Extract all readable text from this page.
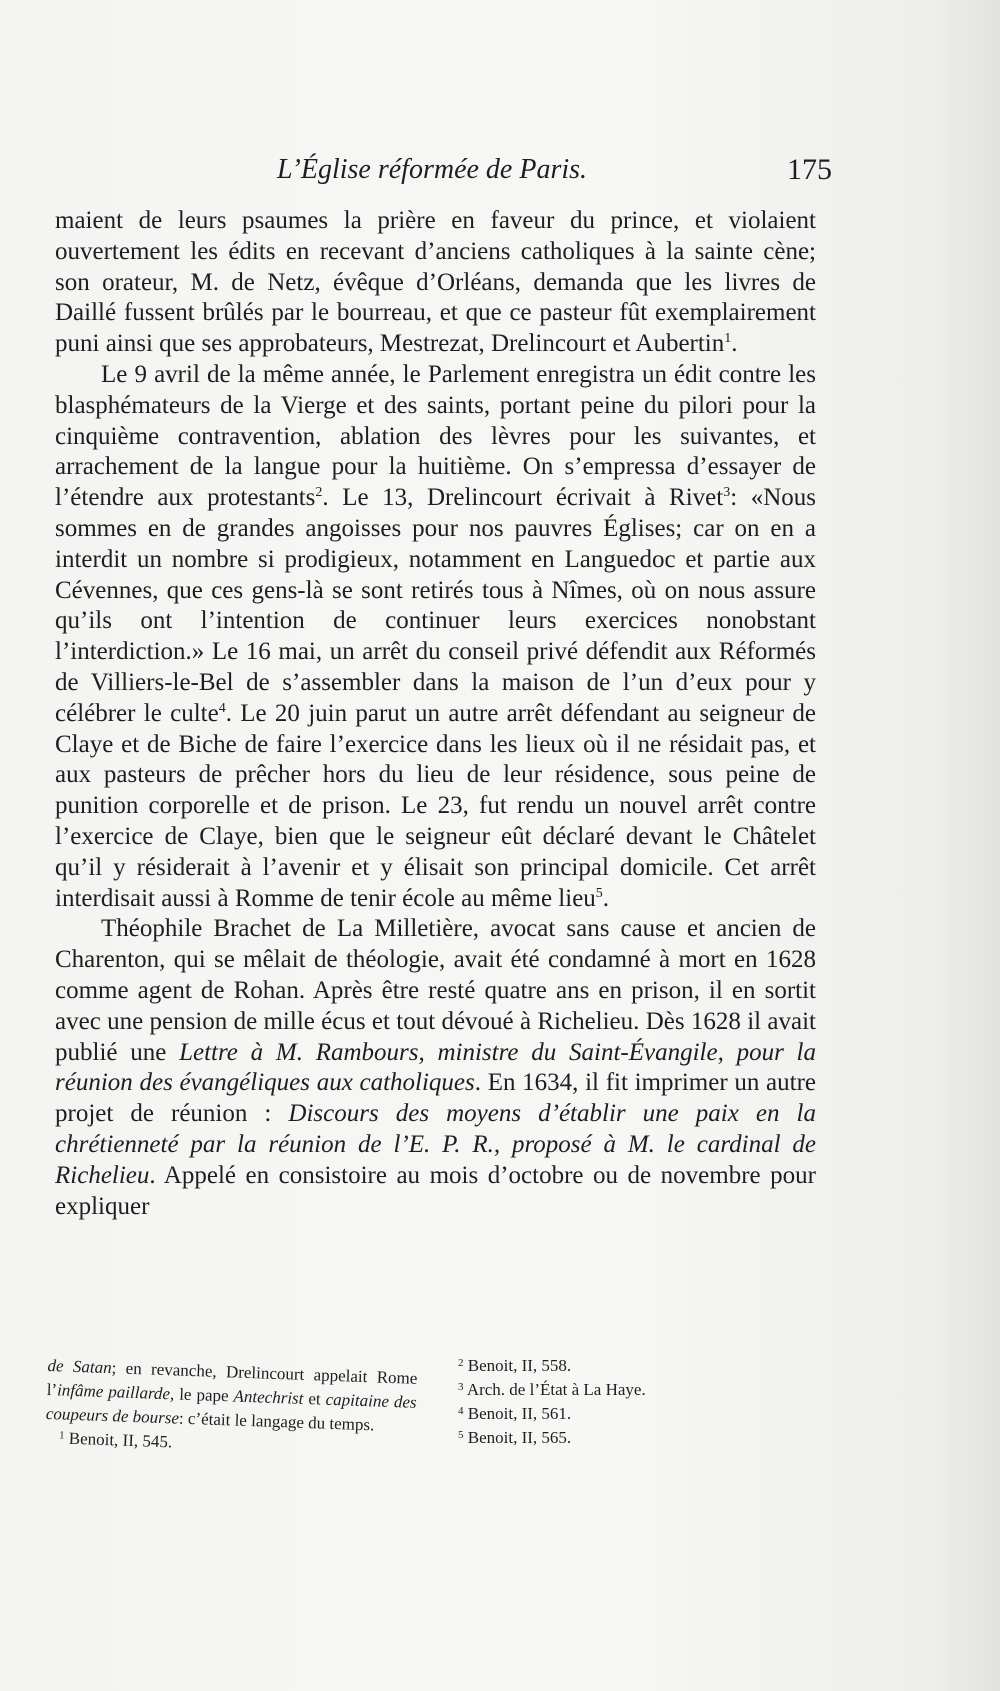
L’Église réformée de Paris.	175

maient de leurs psaumes la prière en faveur du prince, et violaient ouvertement les édits en recevant d’anciens catholiques à la sainte cène; son orateur, M. de Netz, évêque d’Orléans, demanda que les livres de Daillé fussent brûlés par le bourreau, et que ce pasteur fût exemplairement puni ainsi que ses approbateurs, Mestrezat, Drelincourt et Aubertin$^1$.

Le 9 avril de la même année, le Parlement enregistra un édit contre les blasphémateurs de la Vierge et des saints, portant peine du pilori pour la cinquième contravention, ablation des lèvres pour les suivantes, et arrachement de la langue pour la huitième. On s’empressa d’essayer de l’étendre aux protestants$^2$. Le 13, Drelincourt écrivait à Rivet$^3$: «Nous sommes en de grandes angoisses pour nos pauvres Églises; car on en a interdit un nombre si prodigieux, notamment en Languedoc et partie aux Cévennes, que ces gens-là se sont retirés tous à Nîmes, où on nous assure qu’ils ont l’intention de continuer leurs exercices nonobstant l’interdiction.» Le 16 mai, un arrêt du conseil privé défendit aux Réformés de Villiers-le-Bel de s’assembler dans la maison de l’un d’eux pour y célébrer le culte$^4$. Le 20 juin parut un autre arrêt défendant au seigneur de Claye et de Biche de faire l’exercice dans les lieux où il ne résidait pas, et aux pasteurs de prêcher hors du lieu de leur résidence, sous peine de punition corporelle et de prison. Le 23, fut rendu un nouvel arrêt contre l’exercice de Claye, bien que le seigneur eût déclaré devant le Châtelet qu’il y résiderait à l’avenir et y élisait son principal domicile. Cet arrêt interdisait aussi à Romme de tenir école au même lieu$^5$.

Théophile Brachet de La Milletière, avocat sans cause et ancien de Charenton, qui se mêlait de théologie, avait été condamné à mort en 1628 comme agent de Rohan. Après être resté quatre ans en prison, il en sortit avec une pension de mille écus et tout dévoué à Richelieu. Dès 1628 il avait publié une Lettre à M. Rambours, ministre du Saint-Évangile, pour la réunion des évangéliques aux catholiques. En 1634, il fit imprimer un autre projet de réunion : Discours des moyens d’établir une paix en la chrétienneté par la réunion de l’E. P. R., proposé à M. le cardinal de Richelieu. Appelé en consistoire au mois d’octobre ou de novembre pour expliquer

de Satan; en revanche, Drelincourt appelait Rome l’infâme paillarde, le pape Antechrist et capitaine des coupeurs de bourse: c’était le langage du temps.
$^1$ Benoit, II, 545.
$^2$ Benoit, II, 558.
$^3$ Arch. de l’État à La Haye.
$^4$ Benoit, II, 561.
$^5$ Benoit, II, 565.
